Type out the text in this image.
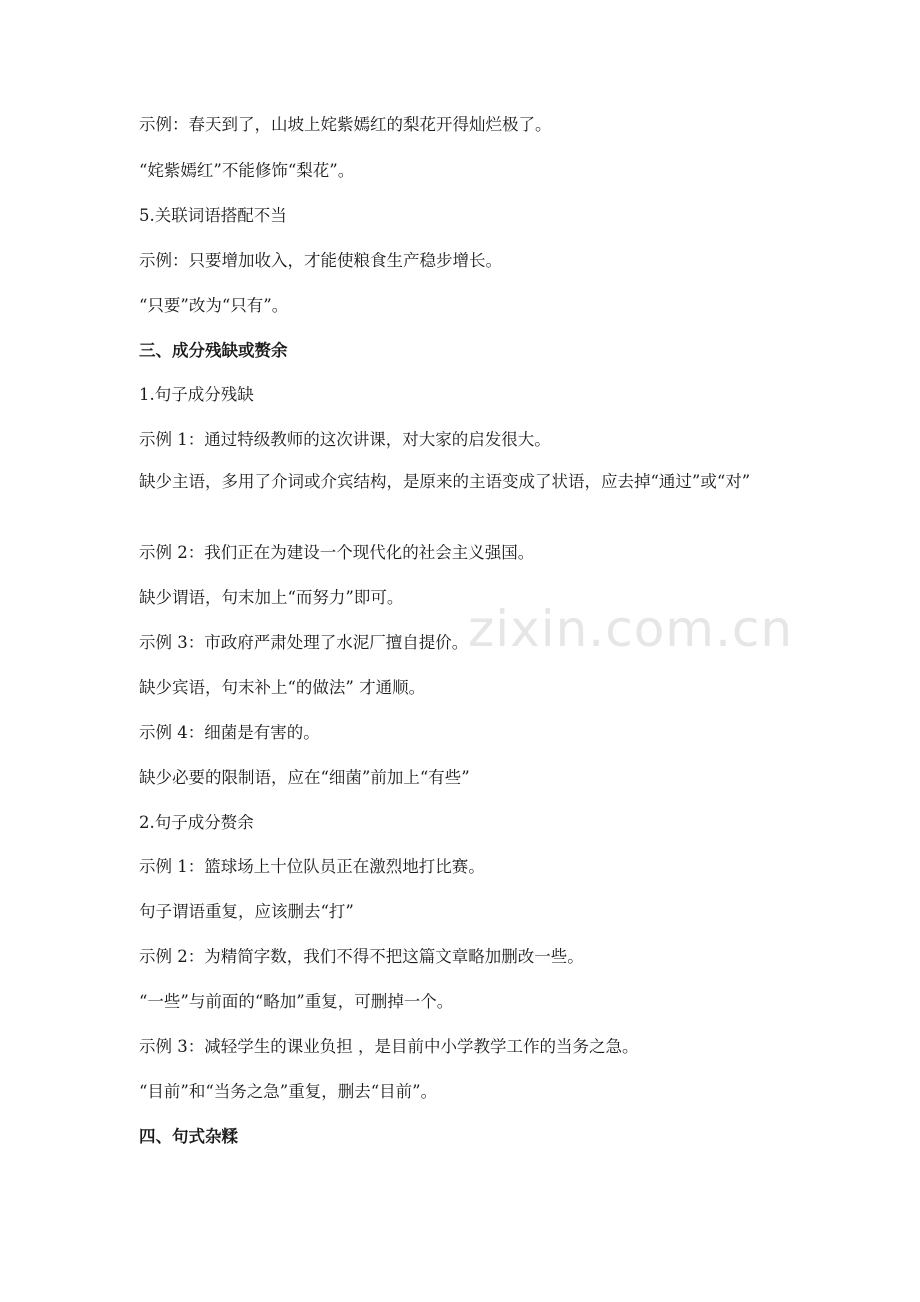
zixin.com.cn
示例：春天到了，山坡上姹紫嫣红的梨花开得灿烂极了。
“姹紫嫣红”不能修饰“梨花”。
5.关联词语搭配不当
示例：只要增加收入，才能使粮食生产稳步增长。
“只要”改为“只有”。
三、成分残缺或赘余
1.句子成分残缺
示例 1：通过特级教师的这次讲课，对大家的启发很大。
缺少主语，多用了介词或介宾结构，是原来的主语变成了状语，应去掉“通过”或“对”
示例 2：我们正在为建设一个现代化的社会主义强国。
缺少谓语，句末加上“而努力”即可。
示例 3：市政府严肃处理了水泥厂擅自提价。
缺少宾语，句末补上“的做法” 才通顺。
示例 4：细菌是有害的。
缺少必要的限制语，应在“细菌”前加上“有些”
2.句子成分赘余
示例 1：篮球场上十位队员正在激烈地打比赛。
句子谓语重复，应该删去“打”
示例 2：为精简字数，我们不得不把这篇文章略加删改一些。
“一些”与前面的“略加”重复，可删掉一个。
示例 3：减轻学生的课业负担 ，是目前中小学教学工作的当务之急。
“目前”和“当务之急”重复，删去“目前”。
四、句式杂糅
